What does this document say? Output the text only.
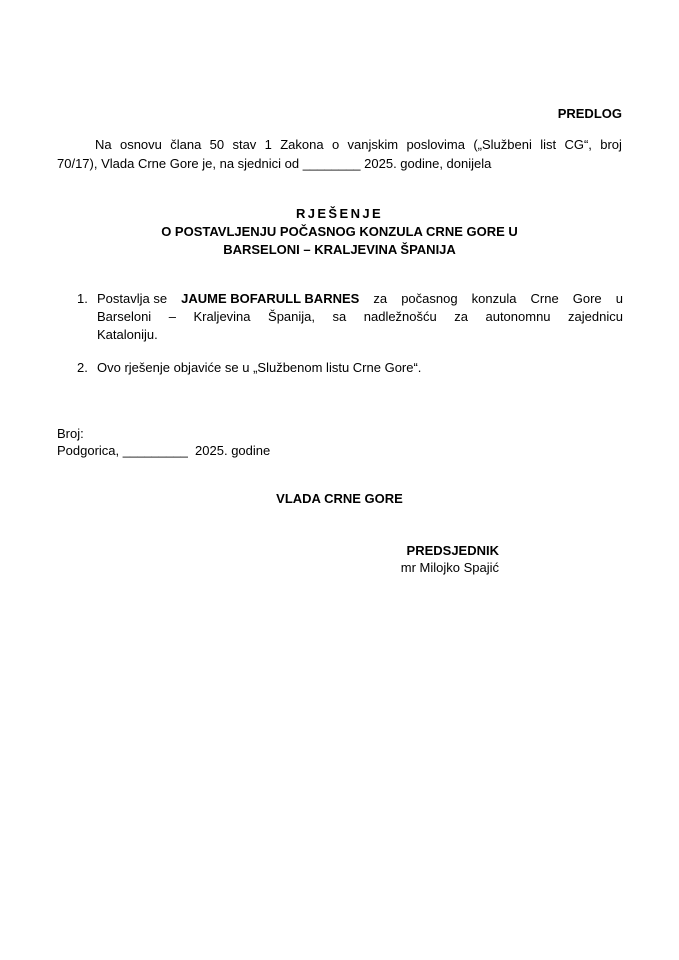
PREDLOG
Na osnovu člana 50 stav 1 Zakona o vanjskim poslovima („Službeni list CG“, broj
70/17), Vlada Crne Gore je, na sjednici od ________ 2025. godine, donijela
RJEŠENJE
O POSTAVLJENJU POČASNOG KONZULA CRNE GORE U
BARSELONI – KRALJEVINA ŠPANIJA
1. Postavlja se JAUME BOFARULL BARNES za počasnog konzula Crne Gore u
Barseloni – Kraljevina Španija, sa nadležnošću za autonomnu zajednicu
Kataloniju.
2. Ovo rješenje objaviće se u „Službenom listu Crne Gore“.
Broj:
Podgorica, _________  2025. godine
VLADA CRNE GORE
PREDSJEDNIK
mr Milojko Spajić
